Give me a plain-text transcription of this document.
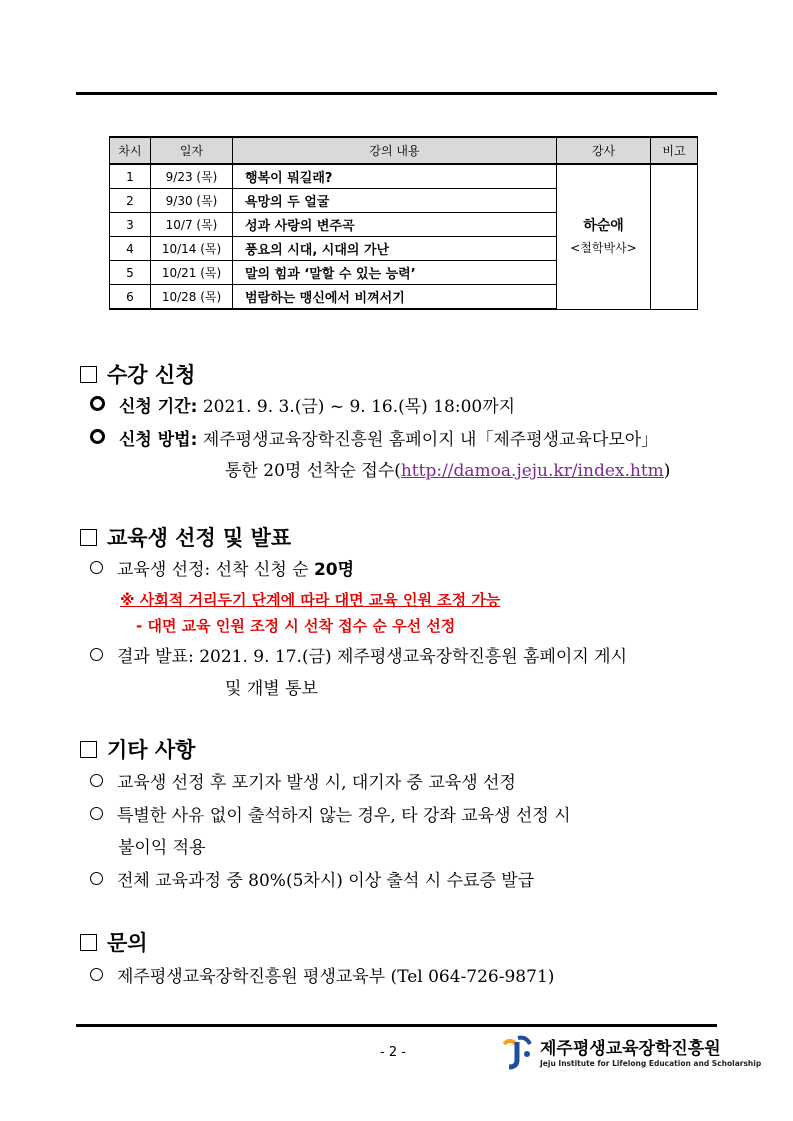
차시	일자	강의 내용	강사	비고
1	9/23 (목)	행복이 뭐길래?	하순애
<철학박사>	

2	9/30 (목)	욕망의 두 얼굴		
3	10/7 (목)	성과 사랑의 변주곡		
4	10/14 (목)	풍요의 시대, 시대의 가난		
5	10/21 (목)	말의 힘과 ‘말할 수 있는 능력’		
6	10/28 (목)	범람하는 맹신에서 비껴서기		
수강 신청
신청 기간: 2021. 9. 3.(금) ~ 9. 16.(목) 18:00까지
신청 방법: 제주평생교육장학진흥원 홈페이지 내「제주평생교육다모아」
통한 20명 선착순 접수(http://damoa.jeju.kr/index.htm)
교육생 선정 및 발표
교육생 선정: 선착 신청 순 20명
※ 사회적 거리두기 단계에 따라 대면 교육 인원 조정 가능
- 대면 교육 인원 조정 시 선착 접수 순 우선 선정
결과 발표: 2021. 9. 17.(금) 제주평생교육장학진흥원 홈페이지 게시
및 개별 통보
기타 사항
교육생 선정 후 포기자 발생 시, 대기자 중 교육생 선정
특별한 사유 없이 출석하지 않는 경우, 타 강좌 교육생 선정 시
불이익 적용
전체 교육과정 중 80%(5차시) 이상 출석 시 수료증 발급
문의
제주평생교육장학진흥원 평생교육부 (Tel 064-726-9871)
- 2 -	제주평생교육장학진흥원
Jeju Institute for Lifelong Education and Scholarship
